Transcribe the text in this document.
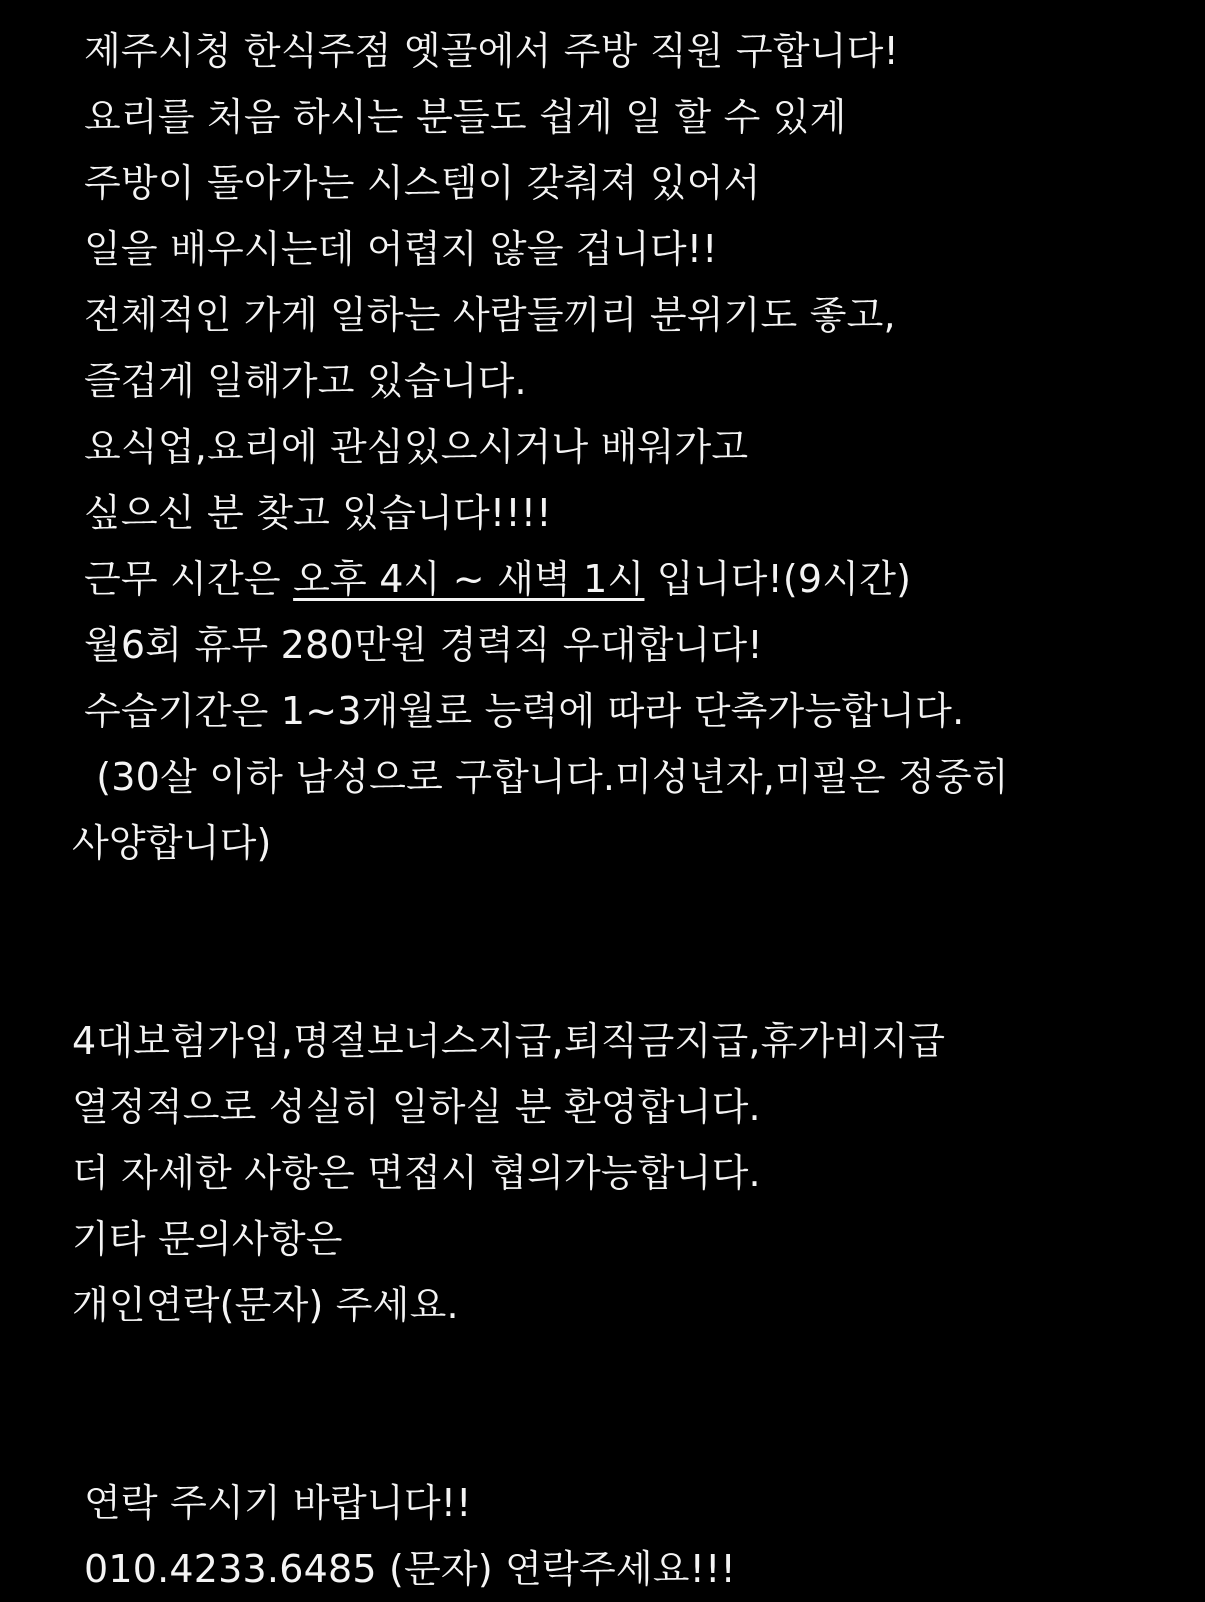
제주시청 한식주점 옛골에서 주방 직원 구합니다!
요리를 처음 하시는 분들도 쉽게 일 할 수 있게
주방이 돌아가는 시스템이 갖춰져 있어서
일을 배우시는데 어렵지 않을 겁니다!!
전체적인 가게 일하는 사람들끼리 분위기도 좋고,
즐겁게 일해가고 있습니다.
요식업,요리에 관심있으시거나 배워가고
싶으신 분 찾고 있습니다!!!!
근무 시간은 오후 4시 ~ 새벽 1시 입니다!(9시간)
월6회 휴무 280만원 경력직 우대합니다!
수습기간은 1~3개월로 능력에 따라 단축가능합니다.
(30살 이하 남성으로 구합니다.미성년자,미필은 정중히
사양합니다)
4대보험가입,명절보너스지급,퇴직금지급,휴가비지급
열정적으로 성실히 일하실 분 환영합니다.
더 자세한 사항은 면접시 협의가능합니다.
기타 문의사항은
개인연락(문자) 주세요.
연락 주시기 바랍니다!!
010.4233.6485 (문자) 연락주세요!!!
